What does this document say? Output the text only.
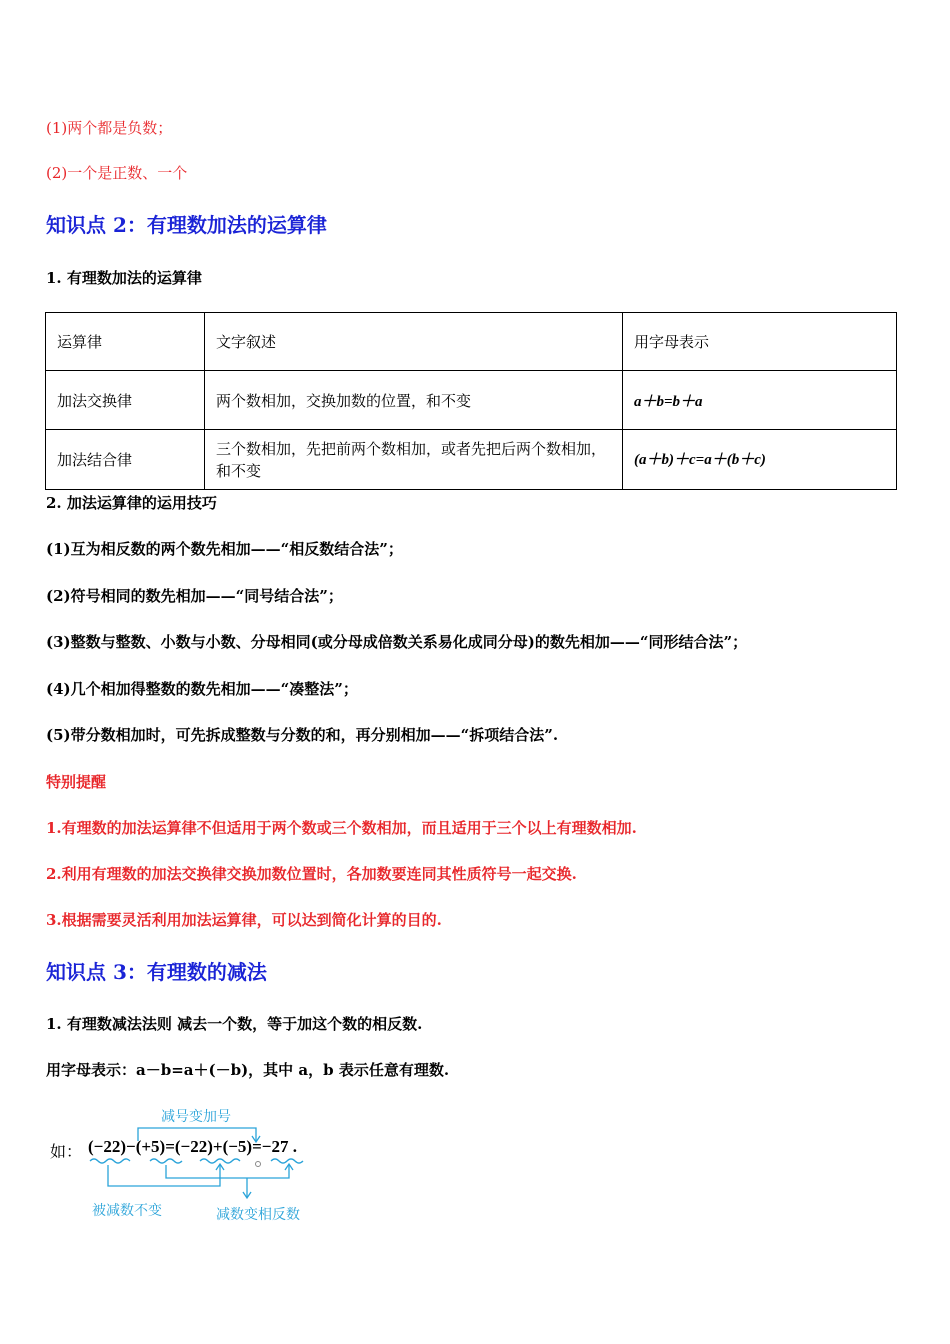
(1)两个都是负数；
(2)一个是正数、一个
知识点 2：有理数加法的运算律
1. 有理数加法的运算律
运算律	文字叙述	用字母表示
加法交换律	两个数相加，交换加数的位置，和不变	a＋b=b＋a
加法结合律	三个数相加，先把前两个数相加，或者先把后两个数相加，和不变	(a＋b)＋c=a＋(b＋c)
2. 加法运算律的运用技巧
(1)互为相反数的两个数先相加——“相反数结合法”；
(2)符号相同的数先相加——“同号结合法”；
(3)整数与整数、小数与小数、分母相同(或分母成倍数关系易化成同分母)的数先相加——“同形结合法”；
(4)几个相加得整数的数先相加——“凑整法”；
(5)带分数相加时，可先拆成整数与分数的和，再分别相加——“拆项结合法”.
特别提醒
1.有理数的加法运算律不但适用于两个数或三个数相加，而且适用于三个以上有理数相加.
2.利用有理数的加法交换律交换加数位置时，各加数要连同其性质符号一起交换.
3.根据需要灵活利用加法运算律，可以达到简化计算的目的.
知识点 3：有理数的减法
1. 有理数减法法则 减去一个数，等于加这个数的相反数.
用字母表示：a－b=a＋(－b)，其中 a，b 表示任意有理数.
减号变加号
如： (−22)−(+5)=(−22)+(−5)=−27 .
被减数不变	减数变相反数
